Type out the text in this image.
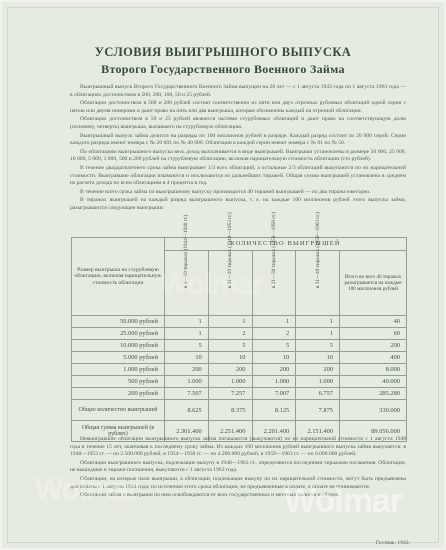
УСЛОВИЯ ВЫИГРЫШНОГО ВЫПУСКА
Второго Государственного Военного Займа

Выигрышный выпуск Второго Государственного Военного Займа выпущен на 20 лет — с 1 августа 1943 года по 1 августа 1963 года — в облигациях достоинством в 500, 200, 100, 50 и 25 рублей.

Облигации достоинством в 500 и 200 рублей состоят соответственно из пяти или двух отрезных рублевых облигаций одной серии с пятью или двумя номерами и дают право на пять или два выигрыша, которые обозначены каждый на отрезной облигации.

Облигации достоинством в 50 и 25 рублей являются частями стурублевых облигаций и дают право на соответствующую долю (половину, четверть) выигрыша, выпавшего на стурублевую облигацию.

Выигрышный выпуск займа делится на разряды по 100 миллионов рублей в разряде. Каждый разряд состоит из 20 000 серий. Серии каждого разряда имеют номера с № 20 001 по № 40 000. Облигации в каждой серии имеют номера с № 01 по № 50.

По облигациям выигрышного выпуска весь доход выплачивается в виде выигрышей. Выигрыши установлены в размере 50 000, 25 000, 10 000, 5 000, 1 000, 500 и 200 рублей на стурублевую облигацию, включая нарицательную стоимость облигации (сто рублей).

В течение двадцатилетнего срока займа выигрывает 1/3 всех облигаций, а остальные 2/3 облигаций выкупаются по их нарицательной стоимости. Выигравшие облигации изымаются и исключаются из дальнейших тиражей. Общая сумма выигрышей установлена в среднем из расчета дохода по всем облигациям в 4 процента в год.

В течение всего срока займа по выигрышному выпуску производится 40 тиражей выигрышей — по два тиража ежегодно.

В тиражах выигрышей на каждый разряд выигрышного выпуска, т. е. на каждые 100 миллионов рублей этого выпуска займа, разыгрываются следующие выигрыши:

Размер выигрыша на стурублевую облигацию, включая нарицательную стоимость облигации	КОЛИЧЕСТВО ВЫИГРЫШЕЙ				
	в 1—10 тиражах (1944—1948 гг.)	в 11—20 тиражах (1949—1953 гг.)	в 21—30 тиражах (1954—1958 гг.)	в 31—40 тиражах (1959—1963 гг.)	Итого во всех 40 тиражах разыгрывается на каждые 100 миллионов рублей
50.000 рублей	1	1	1	1	40
25.000 рублей	1	2	2	1	60
10.000 рублей	5	5	5	5	200
5.000 рублей	10	10	10	10	400
1.000 рублей	200	200	200	200	8.000
500 рублей	1.000	1.000	1.000	1.000	40.000
200 рублей	7.507	7.257	7.007	6.757	285.280
Общее количество выигрышей	8.625	8.375	8.125	7.875	330.000
Общая сумма выигрышей (в рублях)	2.301.400	2.251.400	2.201.400	2.151.400	89.056.000

Невыигравшие облигации выигрышного выпуска займа погашаются (выкупаются) по их нарицательной стоимости с 1 августа 1948 года в течение 15 лет, оканчивая к последнему сроку займа. Из каждых 100 миллионов рублей выигрышного выпуска займа выкупается: в 1948—1953 гг. — по 2.500.000 рублей, в 1954—1958 гг. — по 4.200.000 рублей, в 1959—1963 гг. — по 6.000.000 рублей.

Облигации выигрышного выпуска, подлежащие выкупу в 1948—1963 гг., определяются последними тиражами погашения. Облигации, не вышедшие в тиражи погашения, выкупаются с 1 августа 1963 года.

Облигации, на которые пали выигрыши, а облигации, подлежащие выкупу по их нарицательной стоимости, могут быть предъявлены для оплаты с 1 августа 1944 года; по истечении этого срока облигации, не предъявленные к оплате, к оплате не принимаются.

Облигации займа и выигрыши по ним освобождаются от всех государственных и местных налогов и сборов.

Госзнак. 1943.
Wolmar
Wolmar	Wolmar
